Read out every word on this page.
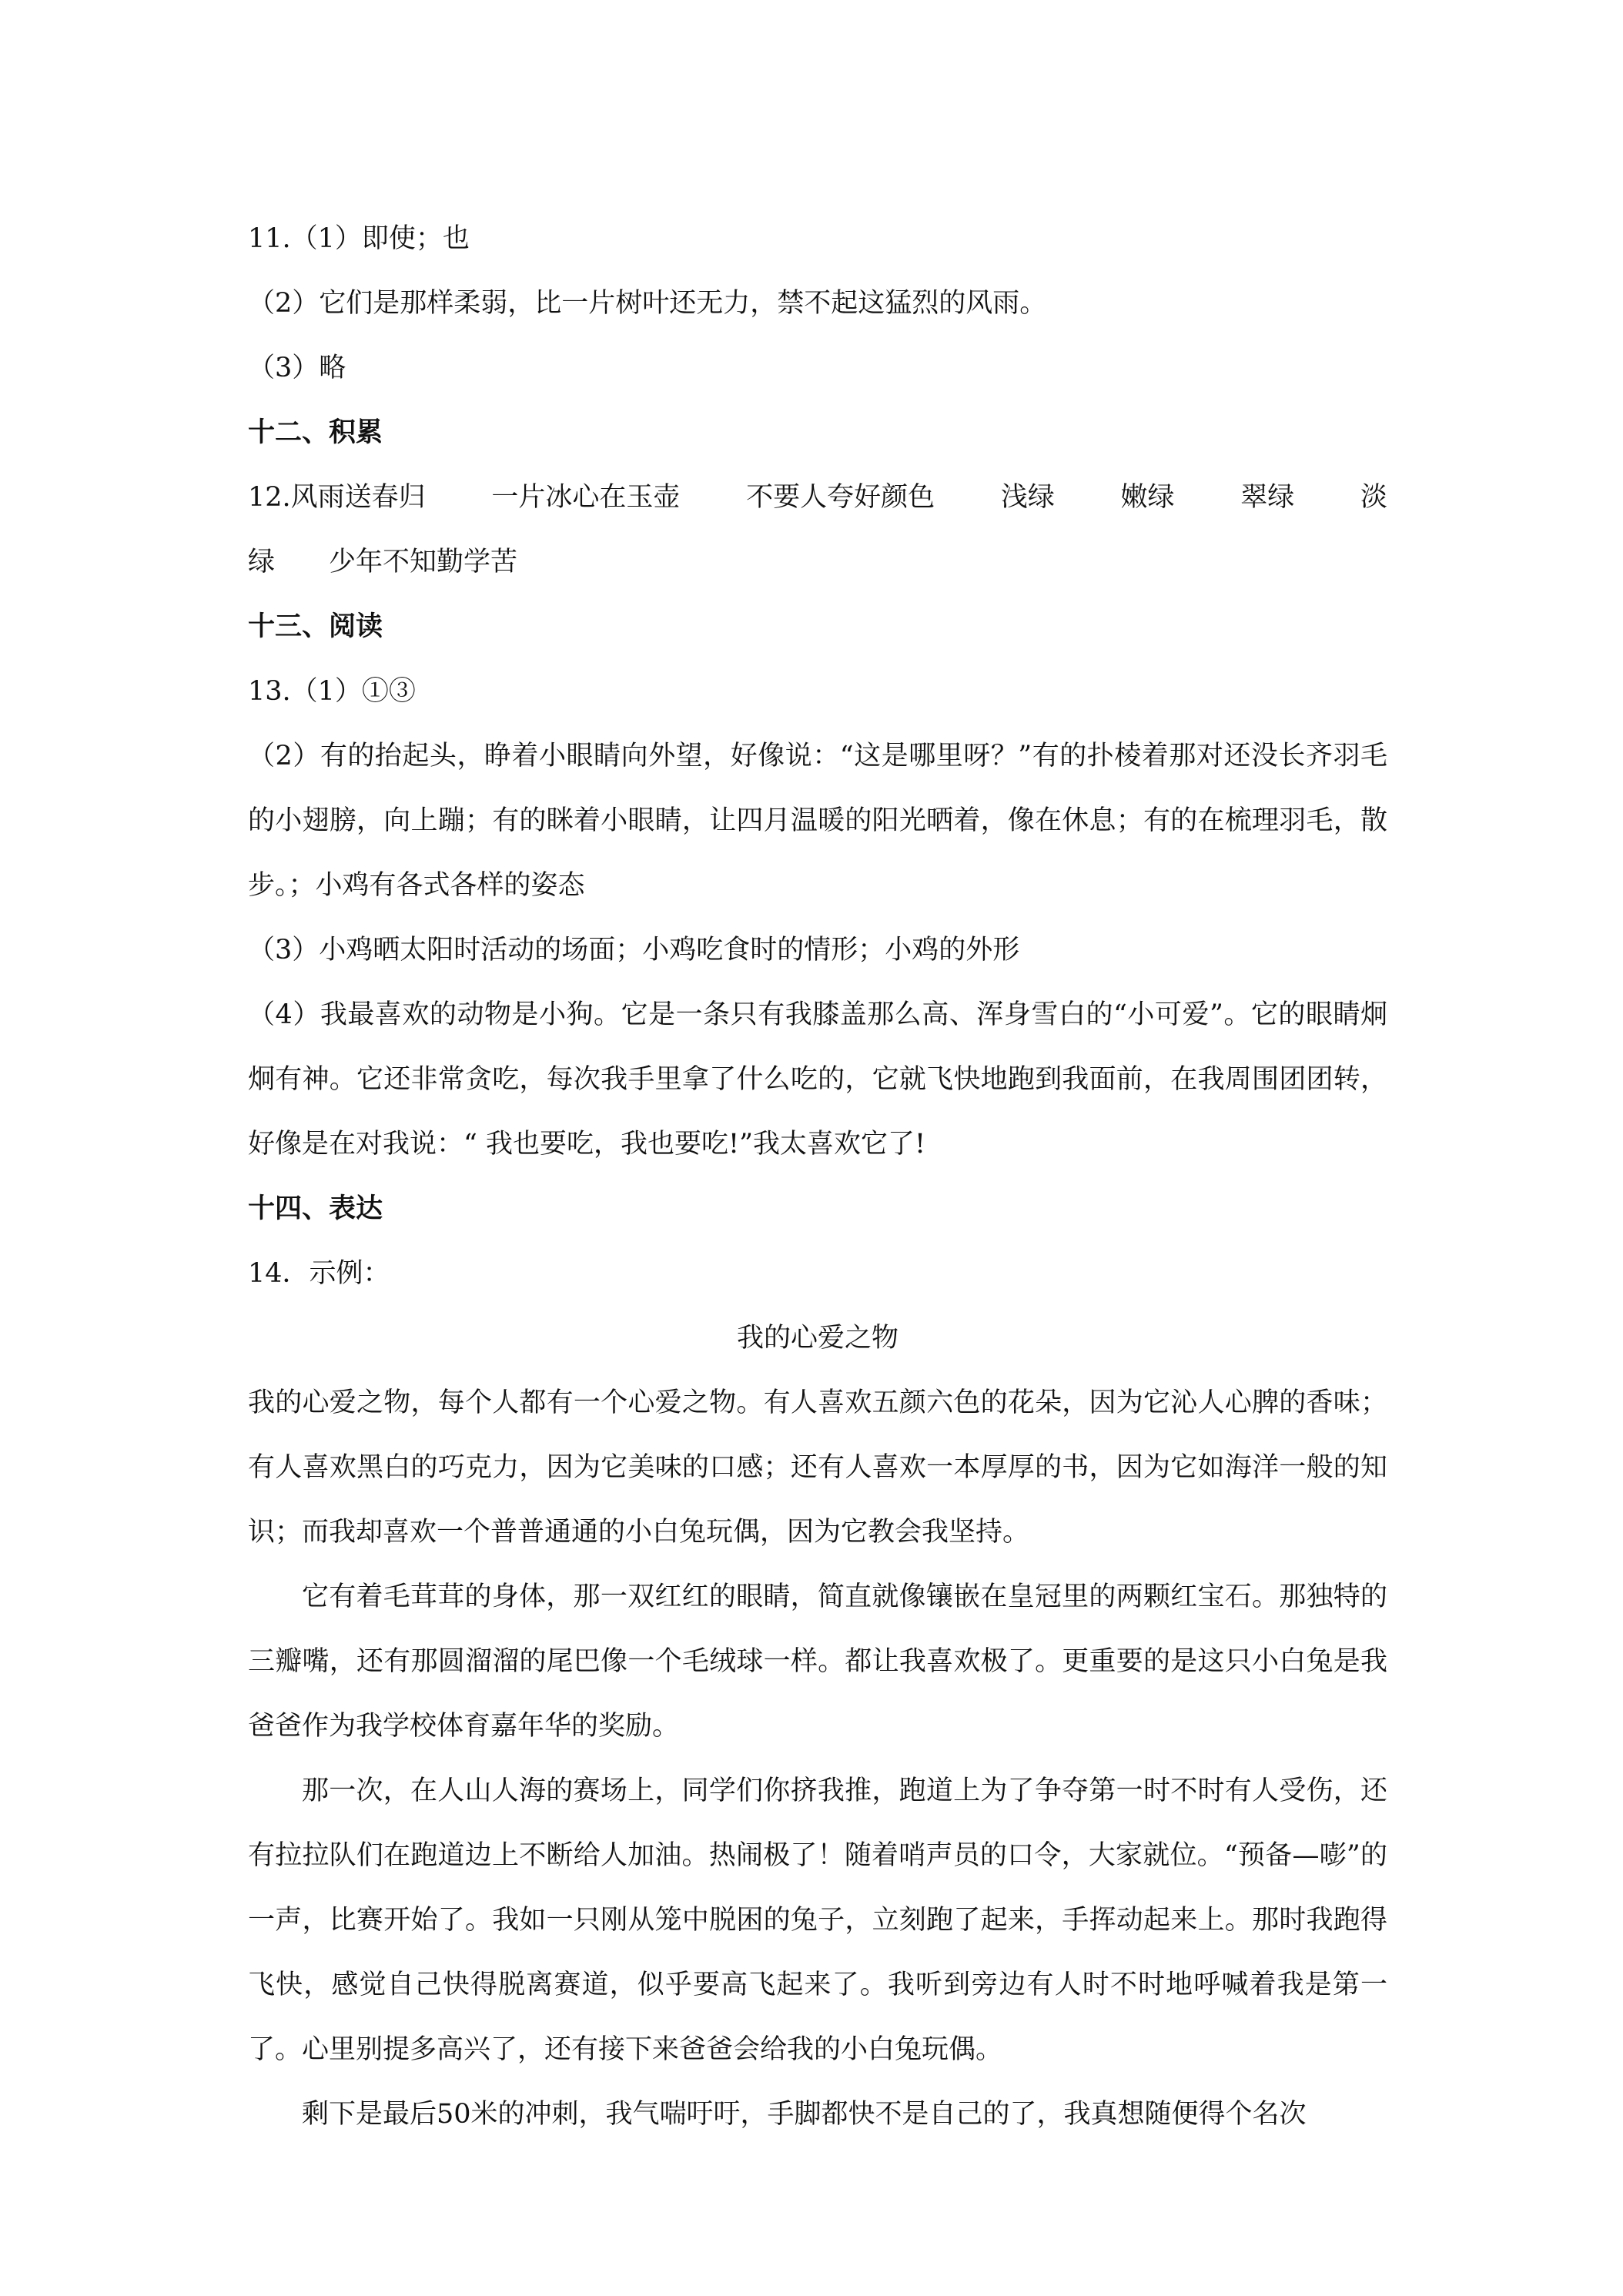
11.（1）即使；也
（2）它们是那样柔弱，比一片树叶还无力，禁不起这猛烈的风雨。
（3）略
十二、积累
12.风雨送春归 一片冰心在玉壶 不要人夸好颜色 浅绿 嫩绿 翠绿 淡
绿　　少年不知勤学苦
十三、阅读
13.（1）①③
（2）有的抬起头，睁着小眼睛向外望，好像说：“这是哪里呀？”有的扑棱着那对还没长齐羽毛的小翅膀，向上蹦；有的眯着小眼睛，让四月温暖的阳光晒着，像在休息；有的在梳理羽毛，散步。；小鸡有各式各样的姿态
（3）小鸡晒太阳时活动的场面；小鸡吃食时的情形；小鸡的外形
（4）我最喜欢的动物是小狗。它是一条只有我膝盖那么高、浑身雪白的“小可爱”。它的眼睛炯炯有神。它还非常贪吃，每次我手里拿了什么吃的，它就飞快地跑到我面前，在我周围团团转，好像是在对我说：“ 我也要吃，我也要吃!”我太喜欢它了!
十四、表达
14．示例：
我的心爱之物
我的心爱之物，每个人都有一个心爱之物。有人喜欢五颜六色的花朵，因为它沁人心脾的香味；有人喜欢黑白的巧克力，因为它美味的口感；还有人喜欢一本厚厚的书，因为它如海洋一般的知识；而我却喜欢一个普普通通的小白兔玩偶，因为它教会我坚持。
它有着毛茸茸的身体，那一双红红的眼睛，简直就像镶嵌在皇冠里的两颗红宝石。那独特的三瓣嘴，还有那圆溜溜的尾巴像一个毛绒球一样。都让我喜欢极了。更重要的是这只小白兔是我爸爸作为我学校体育嘉年华的奖励。
那一次，在人山人海的赛场上，同学们你挤我推，跑道上为了争夺第一时不时有人受伤，还有拉拉队们在跑道边上不断给人加油。热闹极了！随着哨声员的口令，大家就位。“预备—嘭”的一声，比赛开始了。我如一只刚从笼中脱困的兔子，立刻跑了起来，手挥动起来上。那时我跑得飞快，感觉自己快得脱离赛道，似乎要高飞起来了。我听到旁边有人时不时地呼喊着我是第一了。心里别提多高兴了，还有接下来爸爸会给我的小白兔玩偶。
剩下是最后50米的冲刺，我气喘吁吁，手脚都快不是自己的了，我真想随便得个名次
